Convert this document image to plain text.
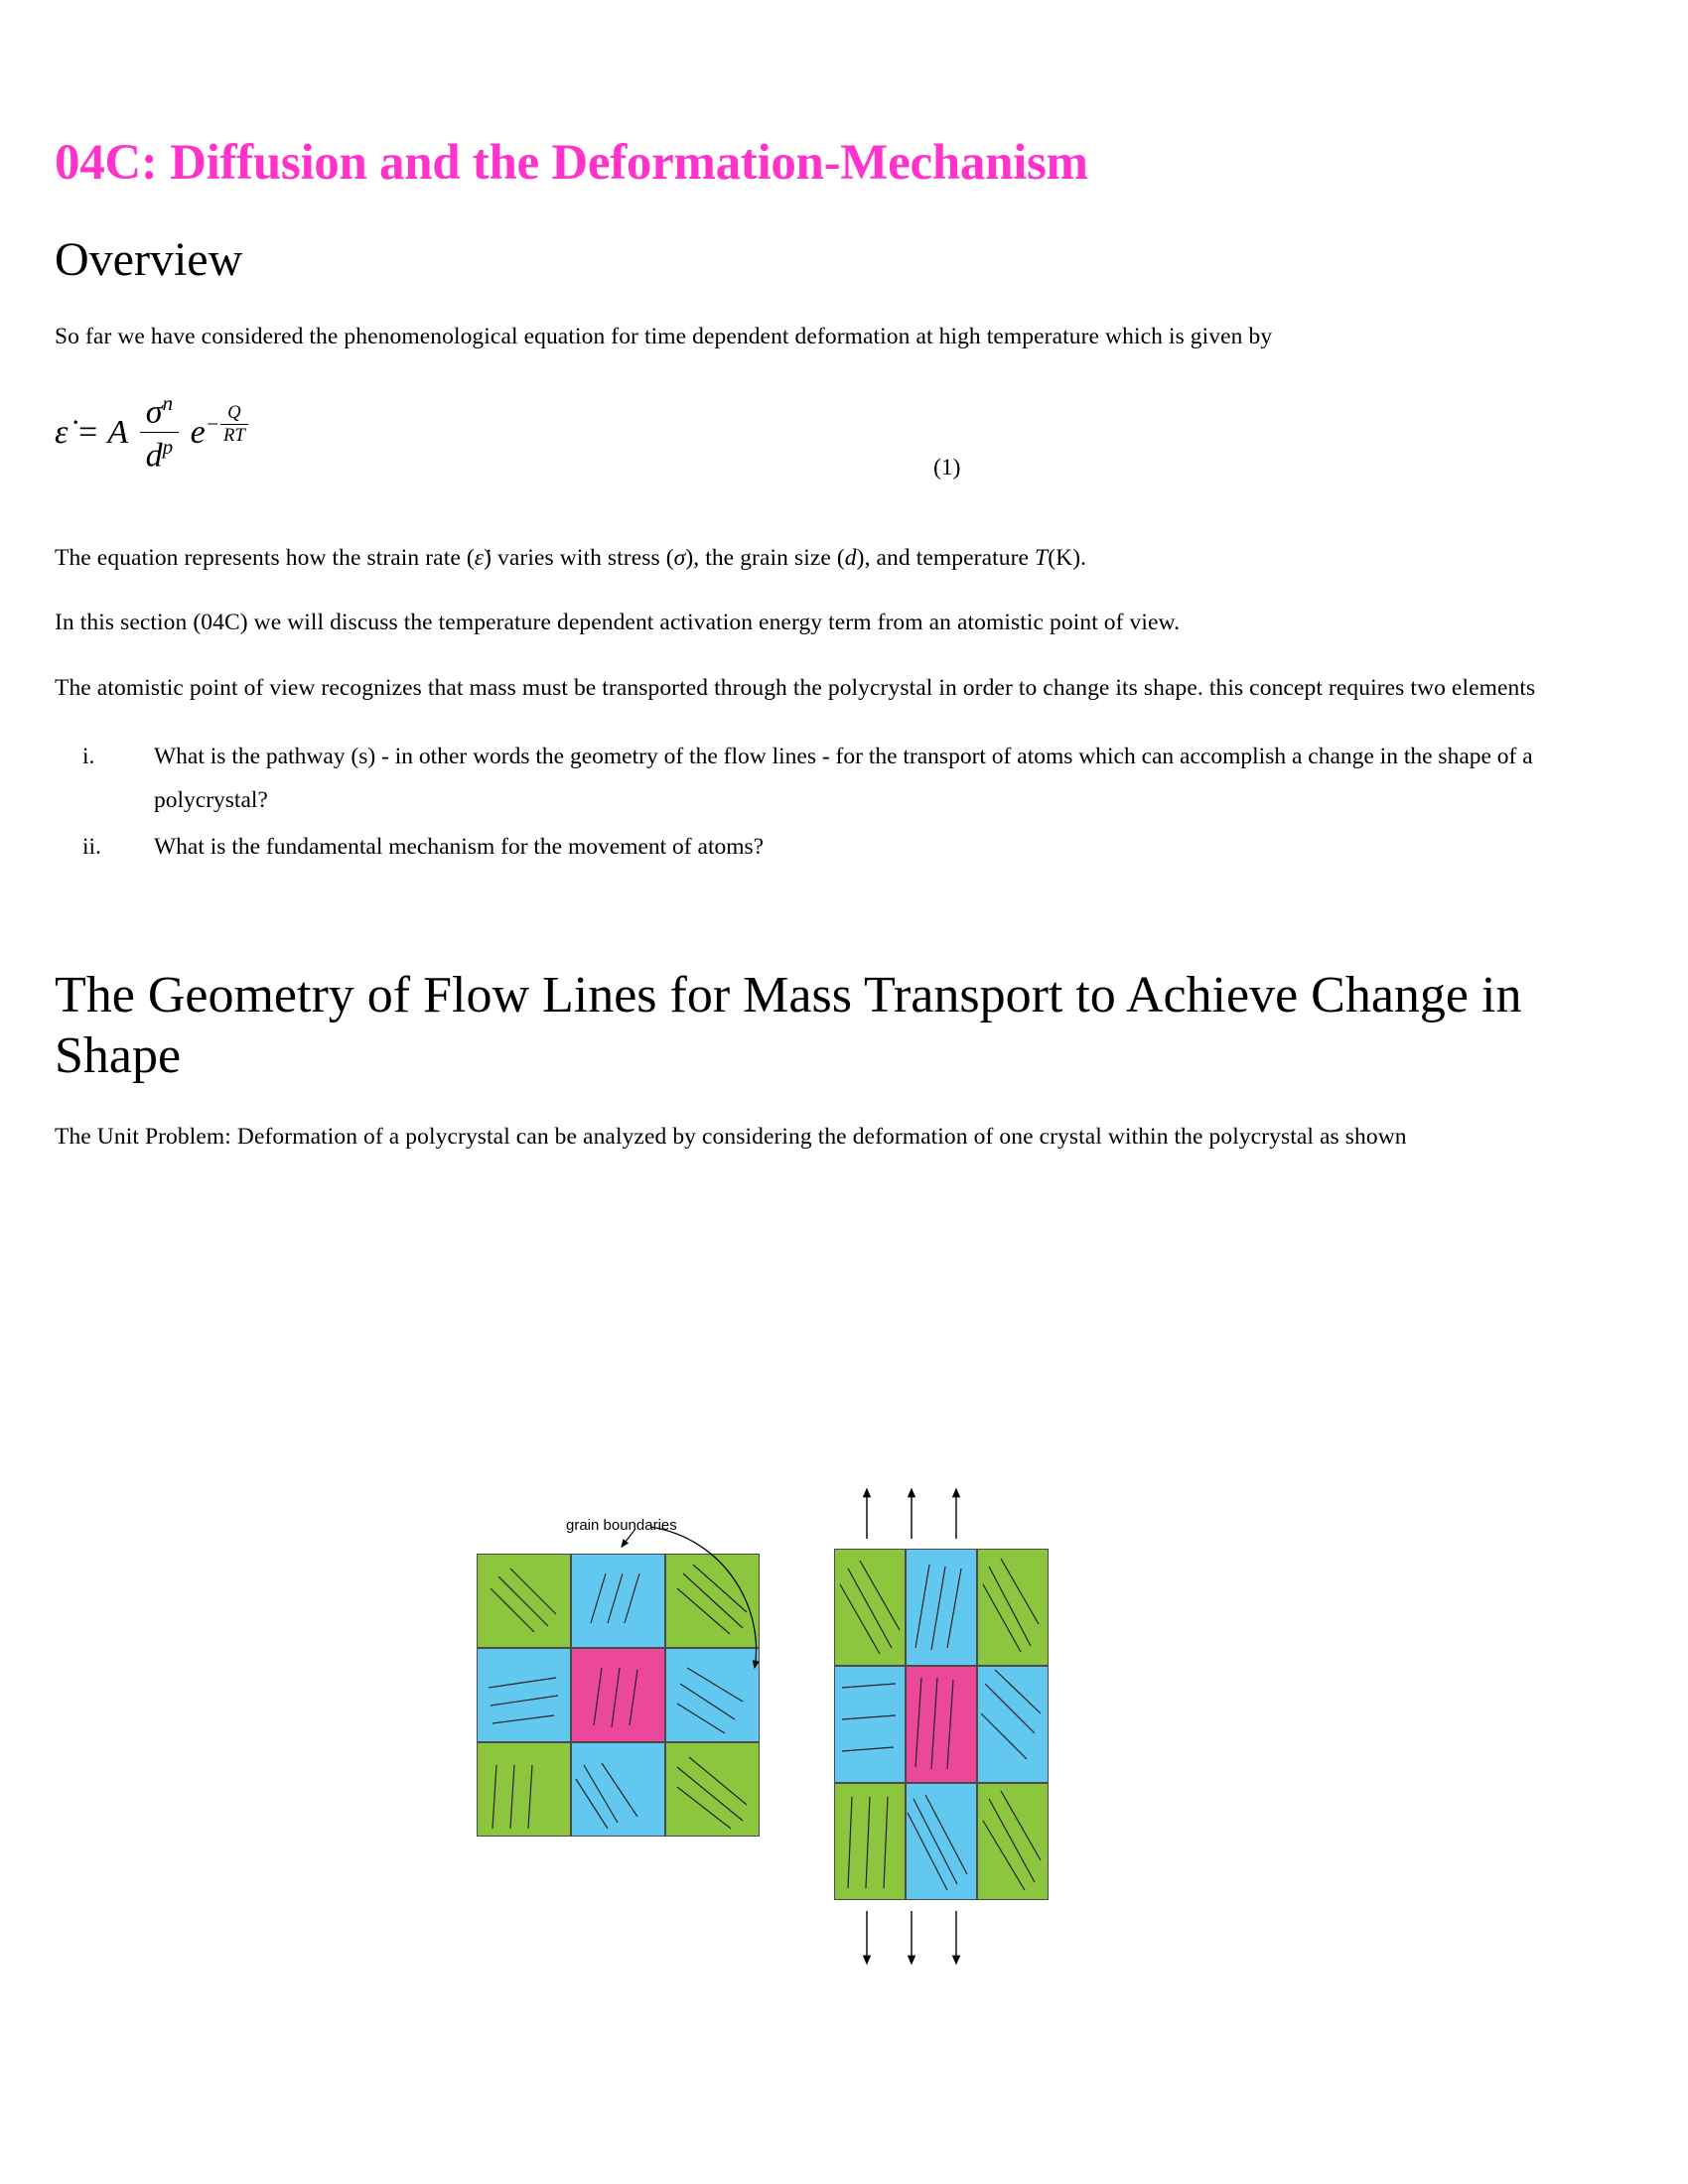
04C: Diffusion and the Deformation-Mechanism
Overview

So far we have considered the phenomenological equation for time dependent deformation at high temperature which is given by

ε̇ = A $\frac{\sigma^n}{d^p} e^- \frac{Q}{RT}$
(1)

The equation represents how the strain rate (ε̇) varies with stress (σ), the grain size (d), and temperature T(K).

In this section (04C) we will discuss the temperature dependent activation energy term from an atomistic point of view.

The atomistic point of view recognizes that mass must be transported through the polycrystal in order to change its shape. this concept requires two elements

i.	What is the pathway (s) - in other words the geometry of the flow lines - for the transport of atoms which can accomplish a change in the shape of a polycrystal?
ii.	What is the fundamental mechanism for the movement of atoms?
The Geometry of Flow Lines for Mass Transport to Achieve Change in Shape

The Unit Problem: Deformation of a polycrystal can be analyzed by considering the deformation of one crystal within the polycrystal as shown

grain boundaries
